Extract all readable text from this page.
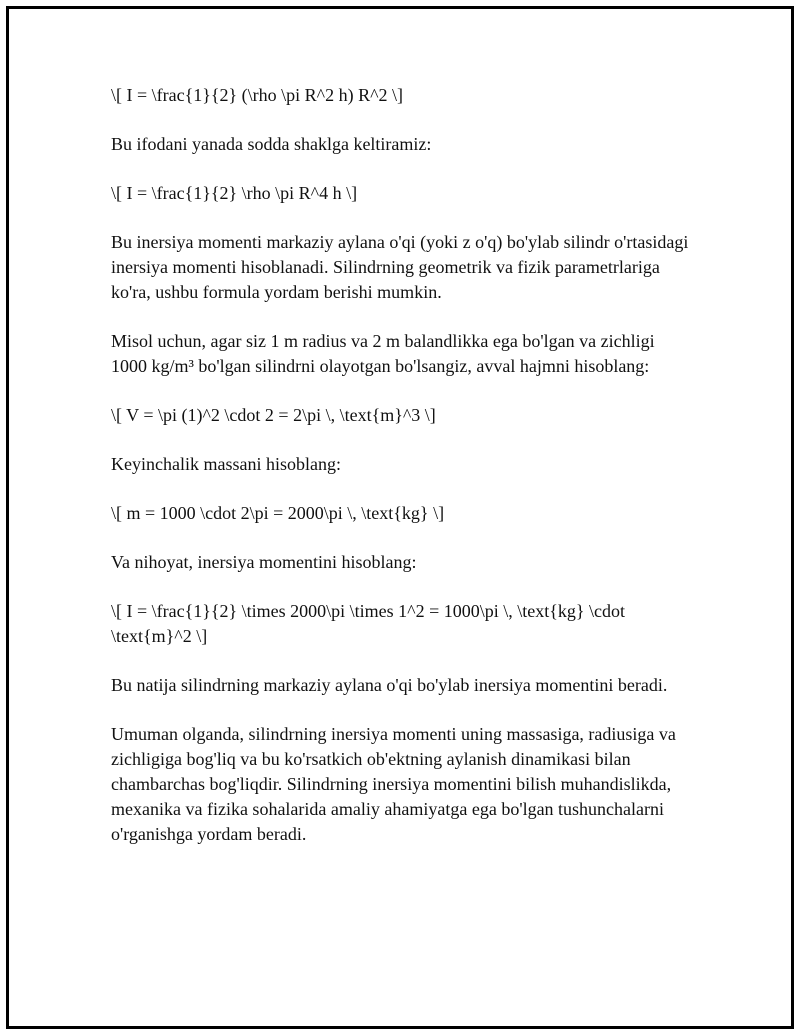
\[ I = \frac{1}{2} (\rho \pi R^2 h) R^2 \]

Bu ifodani yanada sodda shaklga keltiramiz:

\[ I = \frac{1}{2} \rho \pi R^4 h \]

Bu inersiya momenti markaziy aylana o'qi (yoki z o'q) bo'ylab silindr o'rtasidagi inersiya momenti hisoblanadi. Silindrning geometrik va fizik parametrlariga ko'ra, ushbu formula yordam berishi mumkin.

Misol uchun, agar siz 1 m radius va 2 m balandlikka ega bo'lgan va zichligi 1000 kg/m³ bo'lgan silindrni olayotgan bo'lsangiz, avval hajmni hisoblang:

\[ V = \pi (1)^2 \cdot 2 = 2\pi \, \text{m}^3 \]

Keyinchalik massani hisoblang:

\[ m = 1000 \cdot 2\pi = 2000\pi \, \text{kg} \]

Va nihoyat, inersiya momentini hisoblang:

\[ I = \frac{1}{2} \times 2000\pi \times 1^2 = 1000\pi \, \text{kg} \cdot \text{m}^2 \]

Bu natija silindrning markaziy aylana o'qi bo'ylab inersiya momentini beradi.

Umuman olganda, silindrning inersiya momenti uning massasiga, radiusiga va zichligiga bog'liq va bu ko'rsatkich ob'ektning aylanish dinamikasi bilan chambarchas bog'liqdir. Silindrning inersiya momentini bilish muhandislikda, mexanika va fizika sohalarida amaliy ahamiyatga ega bo'lgan tushunchalarni o'rganishga yordam beradi.
